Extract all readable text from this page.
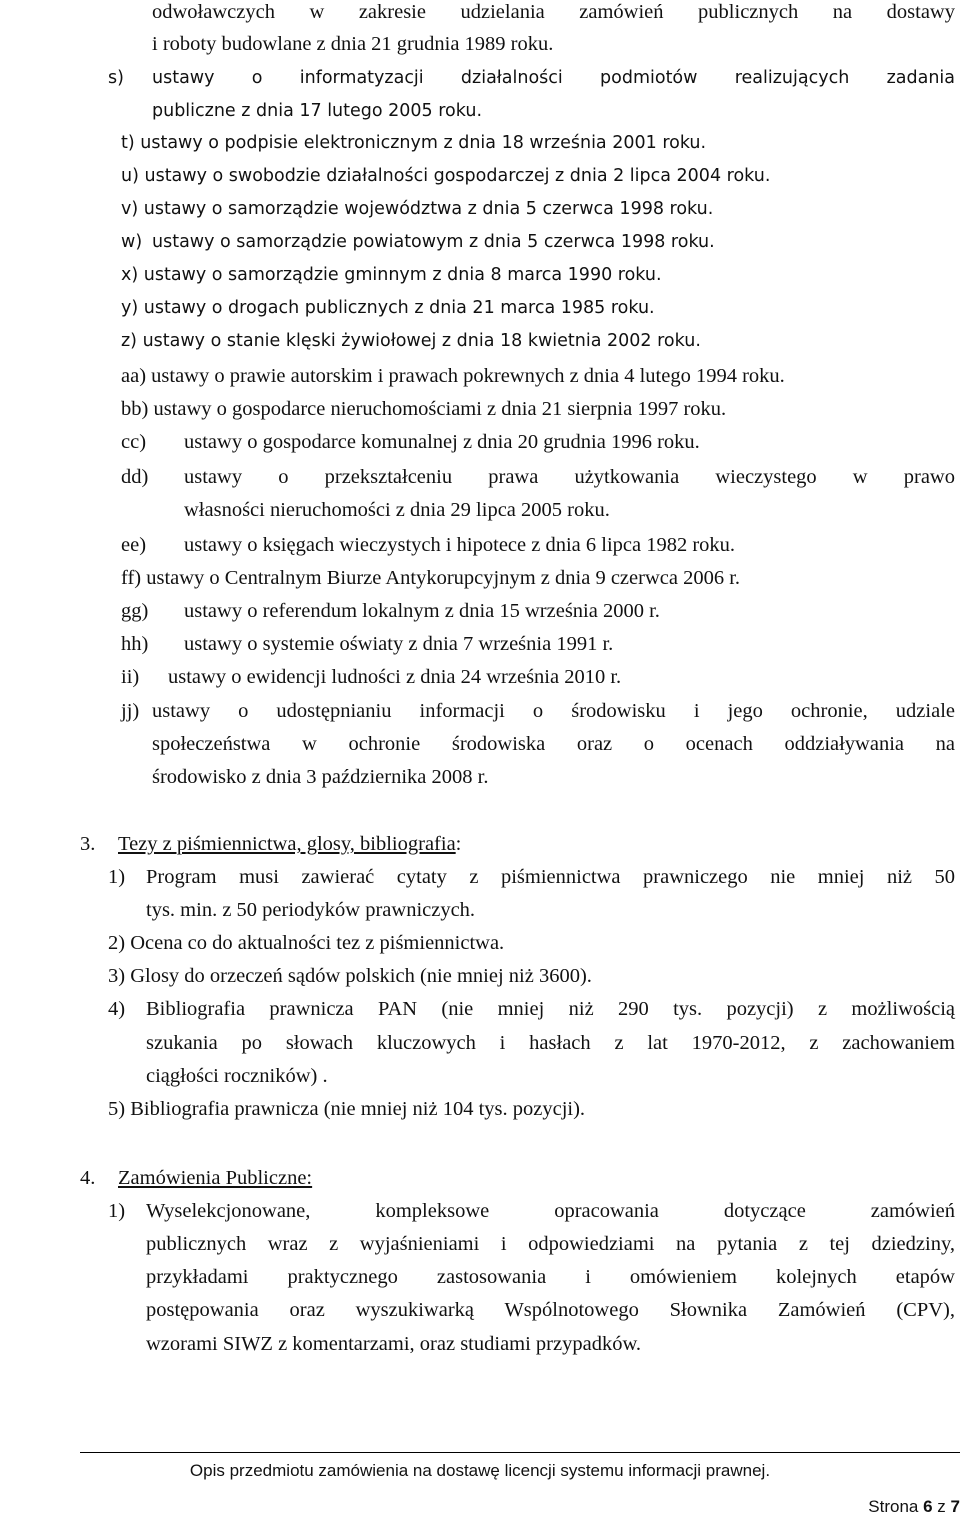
odwoławczych w zakresie udzielania zamówień publicznych na dostawy
i roboty budowlane z dnia 21 grudnia 1989 roku.
s) ustawy o informatyzacji działalności podmiotów realizujących zadania
publiczne z dnia 17 lutego 2005 roku.
t) ustawy o podpisie elektronicznym z dnia 18 września 2001 roku.
u) ustawy o swobodzie działalności gospodarczej z dnia 2 lipca 2004 roku.
v) ustawy o samorządzie województwa z dnia 5 czerwca 1998 roku.
w) ustawy o samorządzie powiatowym z dnia 5 czerwca 1998 roku.
x) ustawy o samorządzie gminnym z dnia 8 marca 1990 roku.
y) ustawy o drogach publicznych z dnia 21 marca 1985 roku.
z) ustawy o stanie klęski żywiołowej z dnia 18 kwietnia 2002 roku.
aa) ustawy o prawie autorskim i prawach pokrewnych z dnia 4 lutego 1994 roku.
bb) ustawy o gospodarce nieruchomościami z dnia 21 sierpnia 1997 roku.
cc) ustawy o gospodarce komunalnej z dnia 20 grudnia 1996 roku.
dd) ustawy o przekształceniu prawa użytkowania wieczystego w prawo
własności nieruchomości z dnia 29 lipca 2005 roku.
ee) ustawy o księgach wieczystych i hipotece z dnia 6 lipca 1982 roku.
ff) ustawy o Centralnym Biurze Antykorupcyjnym z dnia 9 czerwca 2006 r.
gg) ustawy o referendum lokalnym z dnia 15 września 2000 r.
hh) ustawy o systemie oświaty z dnia 7 września 1991 r.
ii) ustawy o ewidencji ludności z dnia 24 września 2010 r.
jj) ustawy o udostępnianiu informacji o środowisku i jego ochronie, udziale
społeczeństwa w ochronie środowiska oraz o ocenach oddziaływania na
środowisko z dnia 3 października 2008 r.
3. Tezy z piśmiennictwa, glosy, bibliografia:
1) Program musi zawierać cytaty z piśmiennictwa prawniczego nie mniej niż 50
tys. min. z 50 periodyków prawniczych.
2) Ocena co do aktualności tez z piśmiennictwa.
3) Glosy do orzeczeń sądów polskich (nie mniej niż 3600).
4) Bibliografia prawnicza PAN (nie mniej niż 290 tys. pozycji) z możliwością
szukania po słowach kluczowych i hasłach z lat 1970-2012, z zachowaniem
ciągłości roczników) .
5) Bibliografia prawnicza (nie mniej niż 104 tys. pozycji).
4. Zamówienia Publiczne:
1) Wyselekcjonowane, kompleksowe opracowania dotyczące zamówień
publicznych wraz z wyjaśnieniami i odpowiedziami na pytania z tej dziedziny,
przykładami praktycznego zastosowania i omówieniem kolejnych etapów
postępowania oraz wyszukiwarką Wspólnotowego Słownika Zamówień (CPV),
wzorami SIWZ z komentarzami, oraz studiami przypadków.
Opis przedmiotu zamówienia na dostawę licencji systemu informacji prawnej.
Strona 6 z 7
